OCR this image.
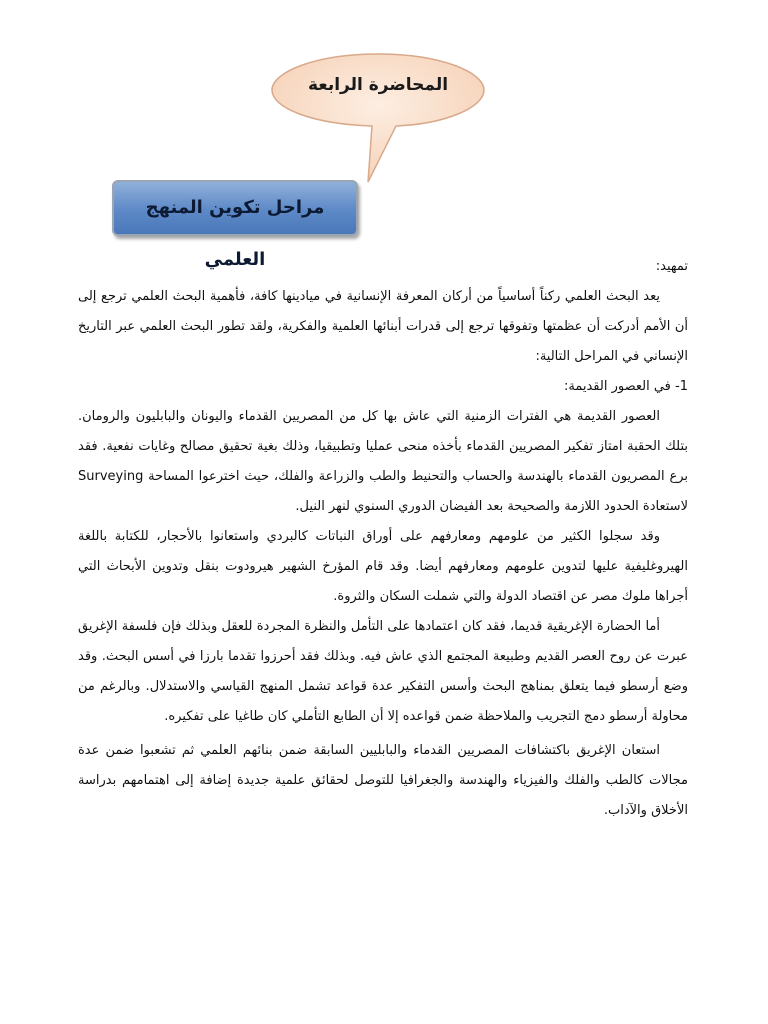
المحاضرة الرابعة
مراحل تكوين المنهج العلمي	تمهيد:

يعد البحث العلمي ركناً أساسياً من أركان المعرفة الإنسانية في ميادينها كافة، فأهمية البحث العلمي ترجع إلى أن الأمم أدركت أن عظمتها وتفوقها ترجع إلى قدرات أبنائها العلمية والفكرية، ولقد تطور البحث العلمي عبر التاريخ الإنساني في المراحل التالية:

1- في العصور القديمة:

العصور القديمة هي الفترات الزمنية التي عاش بها كل من المصريين القدماء واليونان والبابليون والرومان. بتلك الحقبة امتاز تفكير المصريين القدماء بأخذه منحى عمليا وتطبيقيا، وذلك بغية تحقيق مصالح وغايات نفعية. فقد برع المصريون القدماء بالهندسة والحساب والتحنيط والطب والزراعة والفلك، حيث اخترعوا المساحة Surveying لاستعادة الحدود اللازمة والصحيحة بعد الفيضان الدوري السنوي لنهر النيل.

وقد سجلوا الكثير من علومهم ومعارفهم على أوراق النباتات كالبردي واستعانوا بالأحجار، للكتابة باللغة الهيروغليفية عليها لتدوين علومهم ومعارفهم أيضا. وقد قام المؤرخ الشهير هيرودوت بنقل وتدوين الأبحاث التي أجراها ملوك مصر عن اقتصاد الدولة والتي شملت السكان والثروة.

أما الحضارة الإغريقية قديما، فقد كان اعتمادها على التأمل والنظرة المجردة للعقل وبذلك فإن فلسفة الإغريق عبرت عن روح العصر القديم وطبيعة المجتمع الذي عاش فيه. وبذلك فقد أحرزوا تقدما بارزا في أسس البحث. وقد وضع أرسطو فيما يتعلق بمناهج البحث وأسس التفكير عدة قواعد تشمل المنهج القياسي والاستدلال. وبالرغم من محاولة أرسطو دمج التجريب والملاحظة ضمن قواعده إلا أن الطابع التأملي كان طاغيا على تفكيره.

استعان الإغريق باكتشافات المصريين القدماء والبابليين السابقة ضمن بنائهم العلمي ثم تشعبوا ضمن عدة مجالات كالطب والفلك والفيزياء والهندسة والجغرافيا للتوصل لحقائق علمية جديدة إضافة إلى اهتمامهم بدراسة الأخلاق والآداب.
